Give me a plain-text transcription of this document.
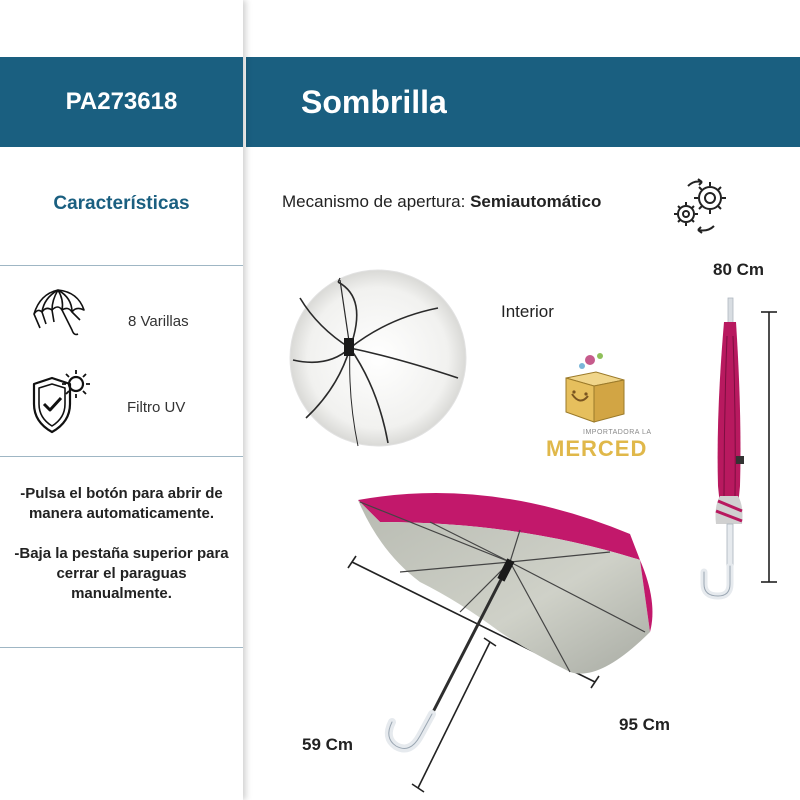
Características
8 Varillas
Filtro UV

-Pulsa el botón para abrir de manera automaticamente.

-Baja la pestaña superior para cerrar el paraguas manualmente.

PA273618	Sombrilla
Mecanismo de apertura: Semiautomático
Interior
IMPORTADORA LA
MERCED
80 Cm
95 Cm
59 Cm
